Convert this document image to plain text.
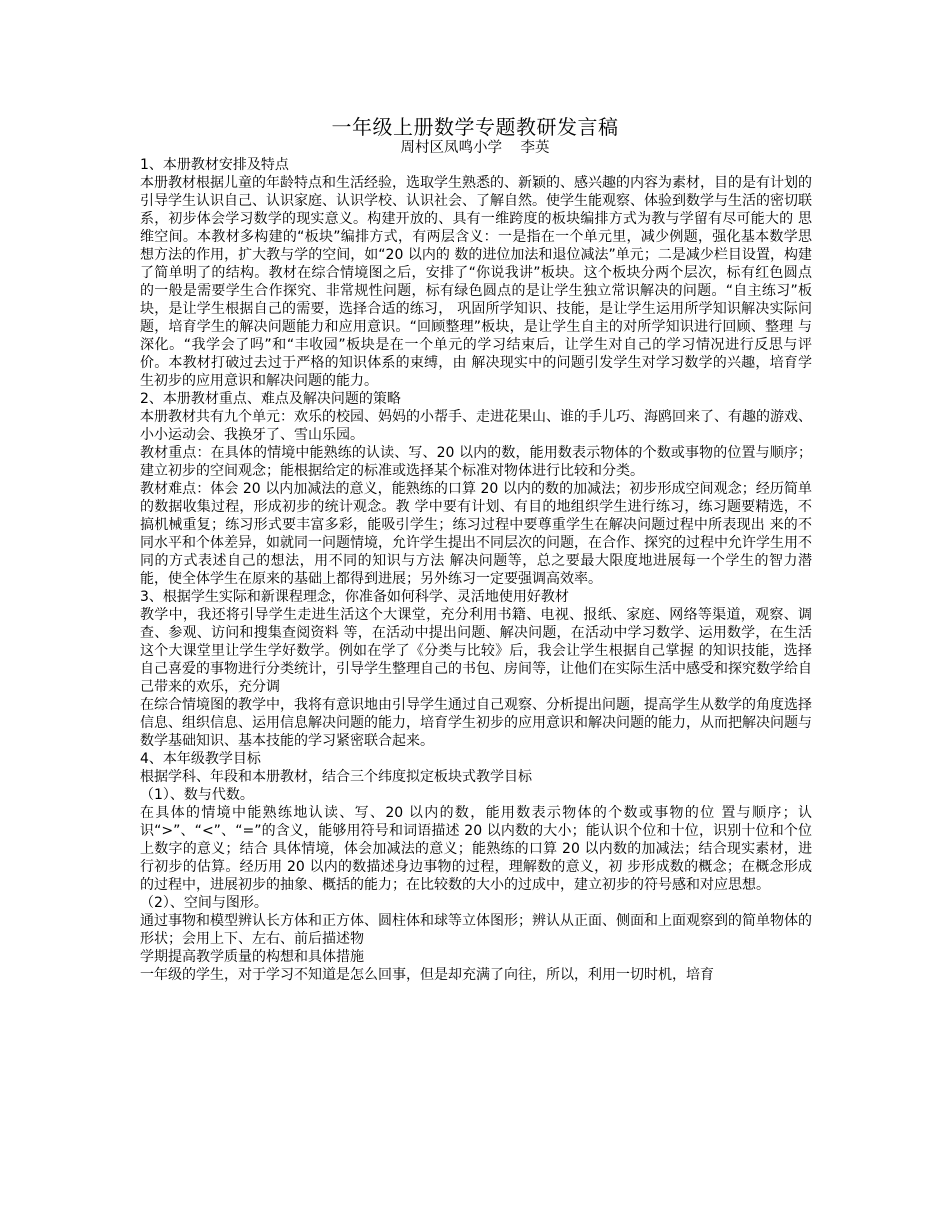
一年级上册数学专题教研发言稿
周村区凤鸣小学    李英

1、本册教材安排及特点

本册教材根据儿童的年龄特点和生活经验，选取学生熟悉的、新颖的、感兴趣的内容为素材，目的是有计划的引导学生认识自己、认识家庭、认识学校、认识社会、了解自然。使学生能观察、体验到数学与生活的密切联系，初步体会学习数学的现实意义。构建开放的、具有一维跨度的板块编排方式为教与学留有尽可能大的 思维空间。本教材多构建的“板块”编排方式，有两层含义：一是指在一个单元里，减少例题，强化基本数学思想方法的作用，扩大教与学的空间，如“20 以内的 数的进位加法和退位减法”单元；二是减少栏目设置，构建了简单明了的结构。教材在综合情境图之后，安排了“你说我讲”板块。这个板块分两个层次，标有红色圆点的一般是需要学生合作探究、非常规性问题，标有绿色圆点的是让学生独立常识解决的问题。“自主练习”板块，是让学生根据自己的需要，选择合适的练习， 巩固所学知识、技能，是让学生运用所学知识解决实际问题，培育学生的解决问题能力和应用意识。“回顾整理”板块，是让学生自主的对所学知识进行回顾、整理 与深化。“我学会了吗”和“丰收园”板块是在一个单元的学习结束后，让学生对自己的学习情况进行反思与评价。本教材打破过去过于严格的知识体系的束缚，由 解决现实中的问题引发学生对学习数学的兴趣，培育学生初步的应用意识和解决问题的能力。

2、本册教材重点、难点及解决问题的策略

本册教材共有九个单元：欢乐的校园、妈妈的小帮手、走进花果山、谁的手儿巧、海鸥回来了、有趣的游戏、小小运动会、我换牙了、雪山乐园。

教材重点：在具体的情境中能熟练的认读、写、20 以内的数，能用数表示物体的个数或事物的位置与顺序；建立初步的空间观念；能根据给定的标准或选择某个标准对物体进行比较和分类。

教材难点：体会 20 以内加减法的意义，能熟练的口算 20 以内的数的加减法；初步形成空间观念；经历简单的数据收集过程，形成初步的统计观念。教 学中要有计划、有目的地组织学生进行练习，练习题要精选，不搞机械重复；练习形式要丰富多彩，能吸引学生；练习过程中要尊重学生在解决问题过程中所表现出 来的不同水平和个体差异，如就同一问题情境，允许学生提出不同层次的问题，在合作、探究的过程中允许学生用不同的方式表述自己的想法，用不同的知识与方法 解决问题等，总之要最大限度地进展每一个学生的智力潜能，使全体学生在原来的基础上都得到进展；另外练习一定要强调高效率。

3、根据学生实际和新课程理念，你准备如何科学、灵活地使用好教材

教学中，我还将引导学生走进生活这个大课堂，充分利用书籍、电视、报纸、家庭、网络等渠道，观察、调查、参观、访问和搜集查阅资料 等，在活动中提出问题、解决问题，在活动中学习数学、运用数学，在生活这个大课堂里让学生学好数学。例如在学了《分类与比较》后，我会让学生根据自己掌握 的知识技能，选择自己喜爱的事物进行分类统计，引导学生整理自己的书包、房间等，让他们在实际生活中感受和探究数学给自己带来的欢乐，充分调

在综合情境图的教学中，我将有意识地由引导学生通过自己观察、分析提出问题，提高学生从数学的角度选择信息、组织信息、运用信息解决问题的能力，培育学生初步的应用意识和解决问题的能力，从而把解决问题与数学基础知识、基本技能的学习紧密联合起来。

4、本年级教学目标

根据学科、年段和本册教材，结合三个纬度拟定板块式教学目标

（1）、数与代数。

在具体的情境中能熟练地认读、写、20 以内的数，能用数表示物体的个数或事物的位 置与顺序；认识“>”、“<”、“=”的含义，能够用符号和词语描述 20 以内数的大小；能认识个位和十位，识别十位和个位上数字的意义；结合 具体情境，体会加减法的意义；能熟练的口算 20 以内数的加减法；结合现实素材，进行初步的估算。经历用 20 以内的数描述身边事物的过程，理解数的意义，初 步形成数的概念；在概念形成的过程中，进展初步的抽象、概括的能力；在比较数的大小的过成中，建立初步的符号感和对应思想。

（2）、空间与图形。

通过事物和模型辨认长方体和正方体、圆柱体和球等立体图形；辨认从正面、侧面和上面观察到的简单物体的形状；会用上下、左右、前后描述物

学期提高教学质量的构想和具体措施

一年级的学生，对于学习不知道是怎么回事，但是却充满了向往，所以，利用一切时机，培育
